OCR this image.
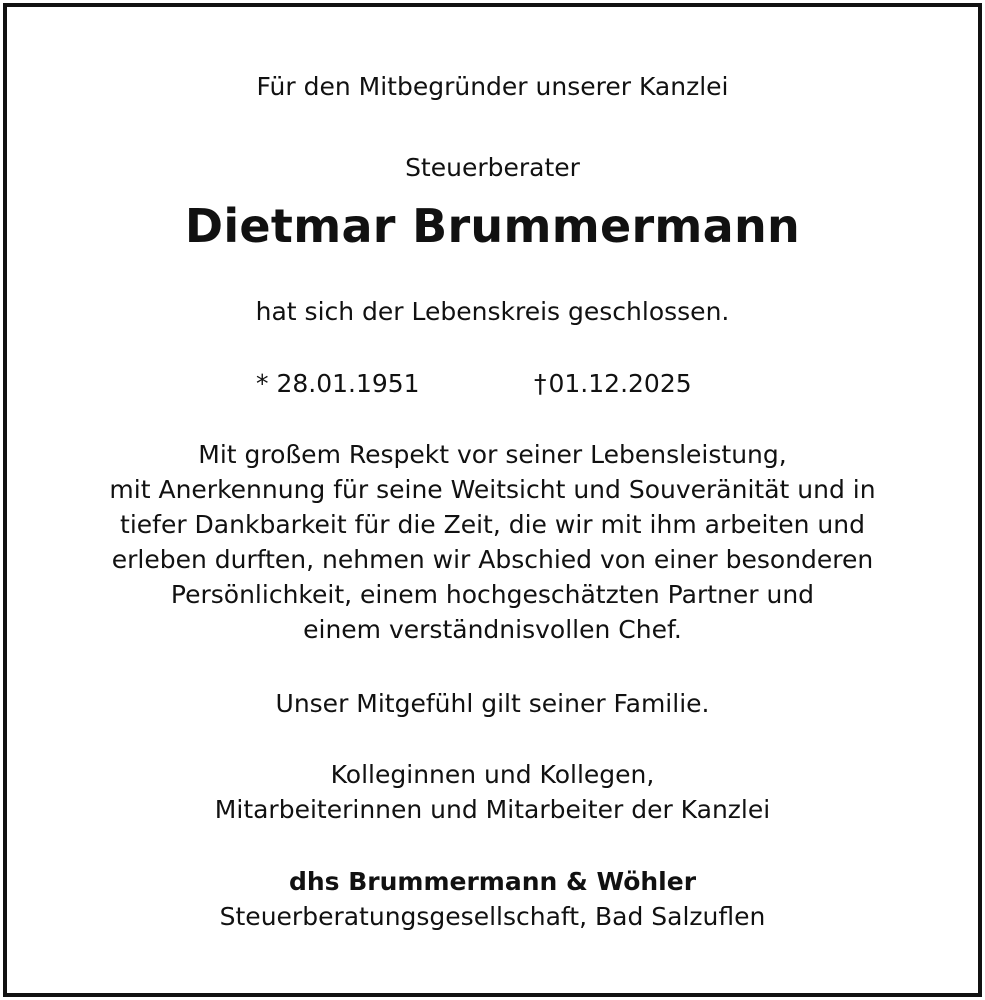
Für den Mitbegründer unserer Kanzlei
Steuerberater
Dietmar Brummermann
hat sich der Lebenskreis geschlossen.
* 28.01.1951	†01.12.2025
Mit großem Respekt vor seiner Lebensleistung,
mit Anerkennung für seine Weitsicht und Souveränität und in
tiefer Dankbarkeit für die Zeit, die wir mit ihm arbeiten und
erleben durften, nehmen wir Abschied von einer besonderen
Persönlichkeit, einem hochgeschätzten Partner und
einem verständnisvollen Chef.
Unser Mitgefühl gilt seiner Familie.
Kolleginnen und Kollegen,
Mitarbeiterinnen und Mitarbeiter der Kanzlei
dhs Brummermann & Wöhler
Steuerberatungsgesellschaft, Bad Salzuflen
